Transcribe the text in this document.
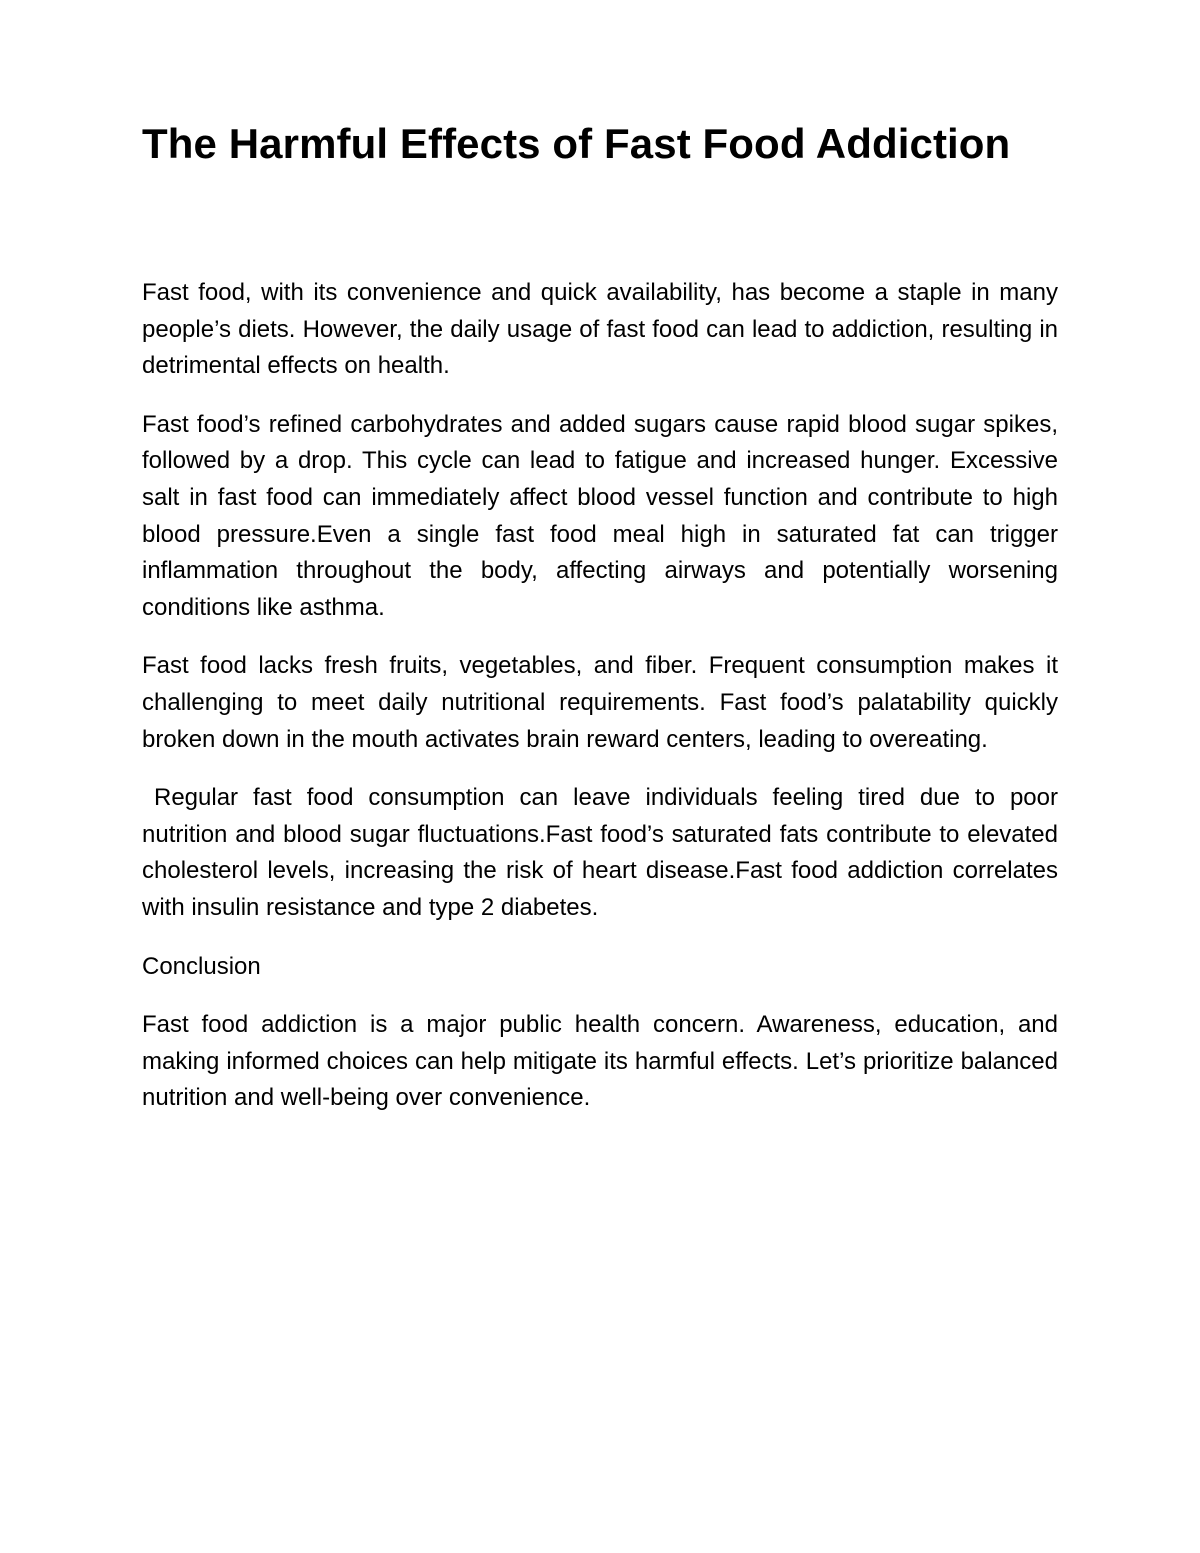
The Harmful Effects of Fast Food Addiction

Fast food, with its convenience and quick availability, has become a staple in many people’s diets. However, the daily usage of fast food can lead to addiction, resulting in detrimental effects on health.

Fast food’s refined carbohydrates and added sugars cause rapid blood sugar spikes, followed by a drop. This cycle can lead to fatigue and increased hunger. Excessive salt in fast food can immediately affect blood vessel function and contribute to high blood pressure.Even a single fast food meal high in saturated fat can trigger inflammation throughout the body, affecting airways and potentially worsening conditions like asthma.

Fast food lacks fresh fruits, vegetables, and fiber. Frequent consumption makes it challenging to meet daily nutritional requirements. Fast food’s palatability quickly broken down in the mouth activates brain reward centers, leading to overeating.

Regular fast food consumption can leave individuals feeling tired due to poor nutrition and blood sugar fluctuations.Fast food’s saturated fats contribute to elevated cholesterol levels, increasing the risk of heart disease.Fast food addiction correlates with insulin resistance and type 2 diabetes.

Conclusion

Fast food addiction is a major public health concern. Awareness, education, and making informed choices can help mitigate its harmful effects. Let’s prioritize balanced nutrition and well-being over convenience.
